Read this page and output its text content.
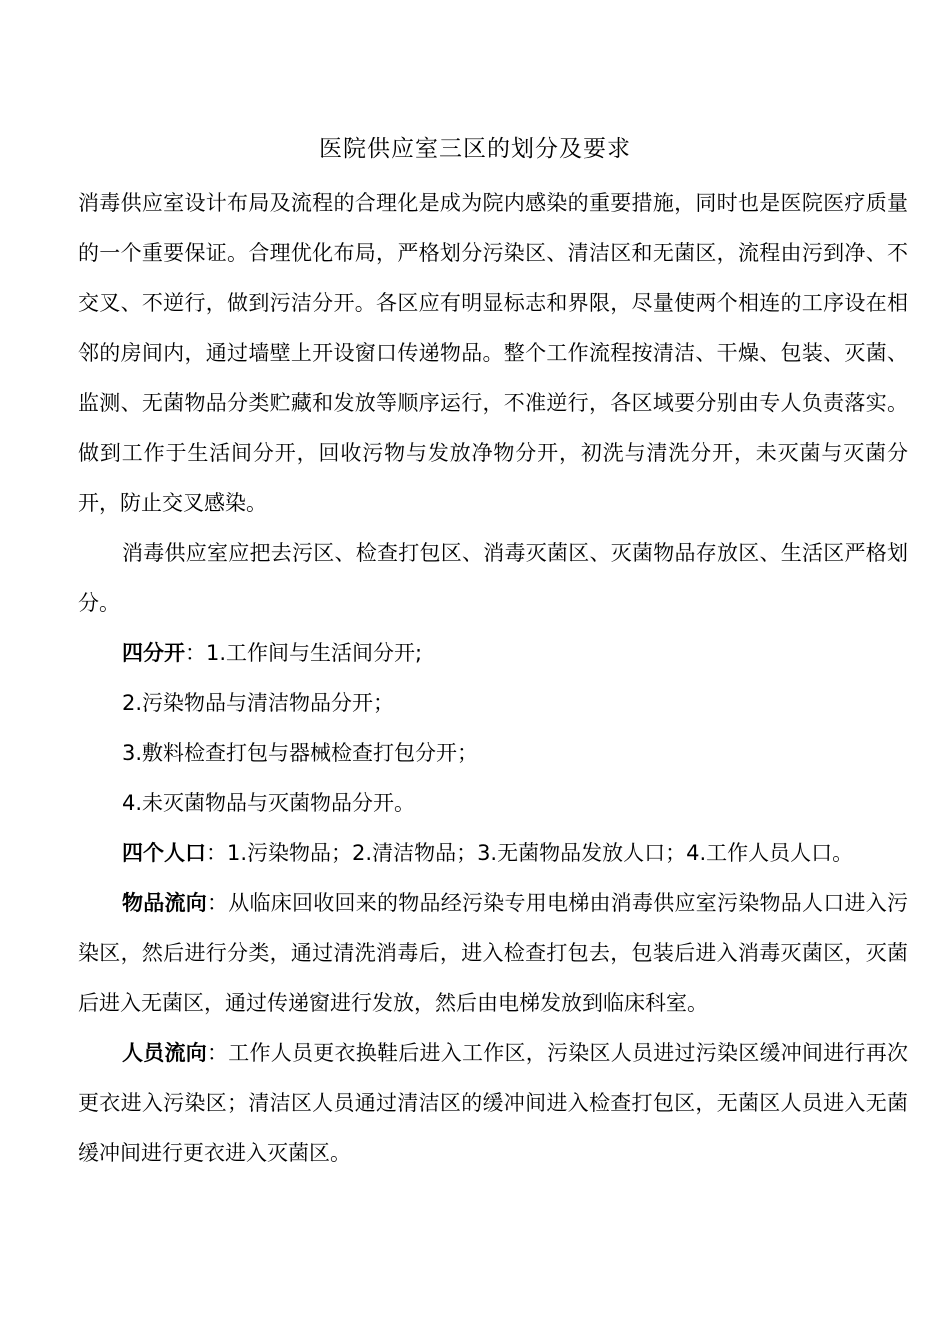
医院供应室三区的划分及要求

消毒供应室设计布局及流程的合理化是成为院内感染的重要措施，同时也是医院医疗质量的一个重要保证。合理优化布局，严格划分污染区、清洁区和无菌区，流程由污到净、不交叉、不逆行，做到污洁分开。各区应有明显标志和界限，尽量使两个相连的工序设在相邻的房间内，通过墙壁上开设窗口传递物品。整个工作流程按清洁、干燥、包装、灭菌、监测、无菌物品分类贮藏和发放等顺序运行，不准逆行，各区域要分别由专人负责落实。做到工作于生活间分开，回收污物与发放净物分开，初洗与清洗分开，未灭菌与灭菌分开，防止交叉感染。

消毒供应室应把去污区、检查打包区、消毒灭菌区、灭菌物品存放区、生活区严格划分。

四分开：1.工作间与生活间分开;

2.污染物品与清洁物品分开；

3.敷料检查打包与器械检查打包分开；

4.未灭菌物品与灭菌物品分开。

四个人口：1.污染物品；2.清洁物品；3.无菌物品发放人口；4.工作人员人口。

物品流向：从临床回收回来的物品经污染专用电梯由消毒供应室污染物品人口进入污染区，然后进行分类，通过清洗消毒后，进入检查打包去，包装后进入消毒灭菌区，灭菌后进入无菌区，通过传递窗进行发放，然后由电梯发放到临床科室。

人员流向：工作人员更衣换鞋后进入工作区，污染区人员进过污染区缓冲间进行再次更衣进入污染区；清洁区人员通过清洁区的缓冲间进入检查打包区，无菌区人员进入无菌缓冲间进行更衣进入灭菌区。
